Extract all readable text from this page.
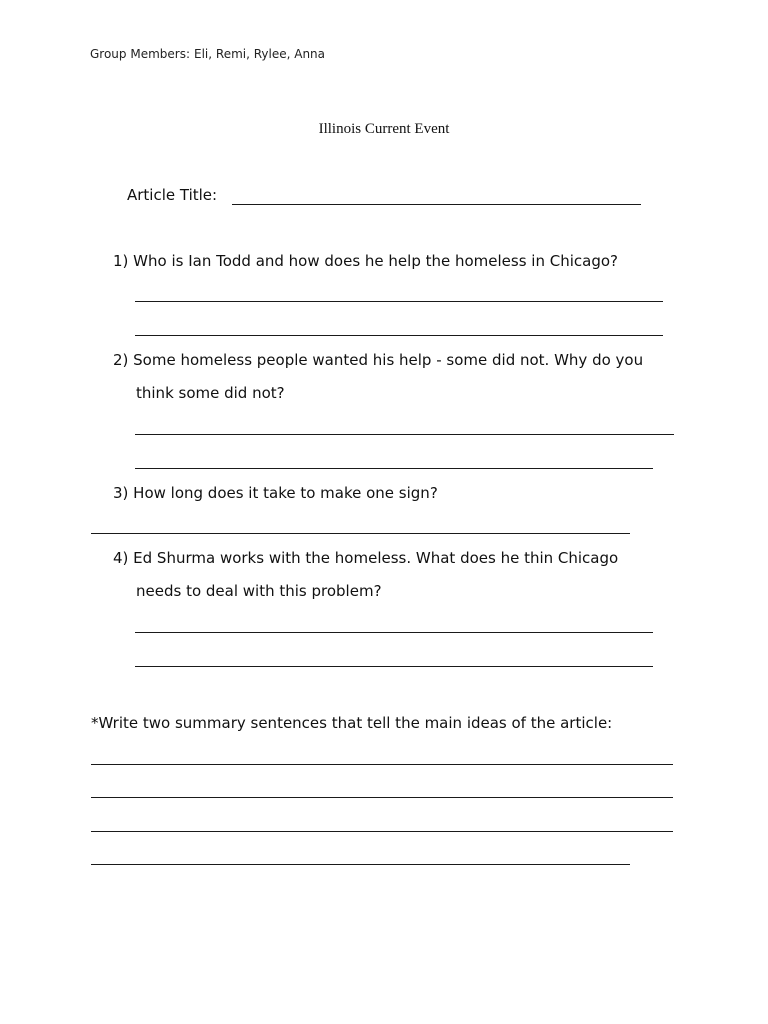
Group Members: Eli, Remi, Rylee, Anna
Illinois Current Event
Article Title:
1) Who is Ian Todd and how does he help the homeless in Chicago?
2) Some homeless people wanted his help - some did not. Why do you
think some did not?
3) How long does it take to make one sign?
4) Ed Shurma works with the homeless. What does he thin Chicago
needs to deal with this problem?
*Write two summary sentences that tell the main ideas of the article:
